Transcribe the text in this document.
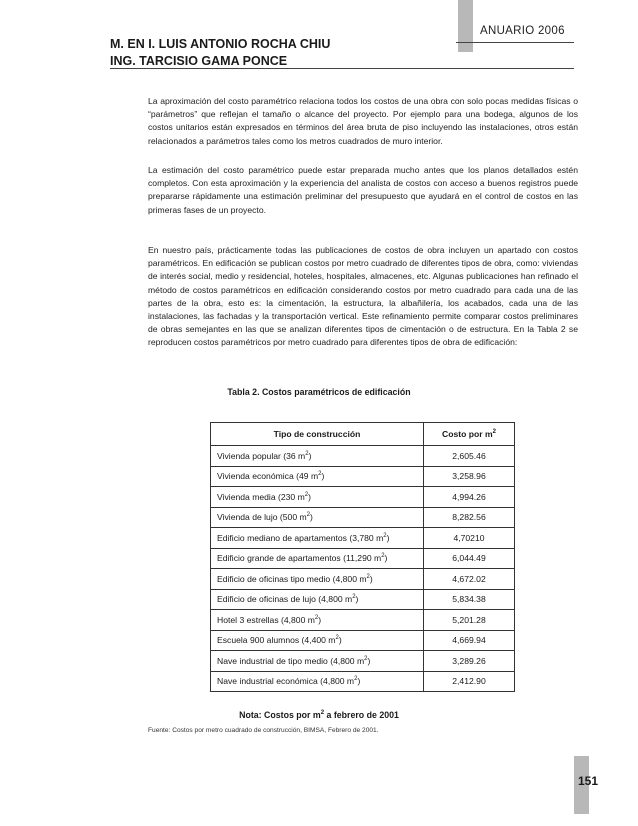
ANUARIO 2006
M. EN I. LUIS ANTONIO ROCHA CHIU
ING. TARCISIO GAMA PONCE

La aproximación del costo paramétrico relaciona todos los costos de una obra con solo pocas medidas físicas o “parámetros” que reflejan el tamaño o alcance del proyecto. Por ejemplo para una bodega, algunos de los costos unitarios están expresados en términos del área bruta de piso incluyendo las instalaciones, otros están relacionados a parámetros tales como los metros cuadrados de muro interior.

La estimación del costo paramétrico puede estar preparada mucho antes que los planos detallados estén completos. Con esta aproximación y la experiencia del analista de costos con acceso a buenos registros puede prepararse rápidamente una estimación preliminar del presupuesto que ayudará en el control de costos en las primeras fases de un proyecto.

En nuestro país, prácticamente todas las publicaciones de costos de obra incluyen un apartado con costos paramétricos. En edificación se publican costos por metro cuadrado de diferentes tipos de obra, como: viviendas de interés social, medio y residencial, hoteles, hospitales, almacenes, etc. Algunas publicaciones han refinado el método de costos paramétricos en edificación considerando costos por metro cuadrado para cada una de las partes de la obra, esto es: la cimentación, la estructura, la albañilería, los acabados, cada una de las instalaciones, las fachadas y la transportación vertical. Este refinamiento permite comparar costos preliminares de obras semejantes en las que se analizan diferentes tipos de cimentación o de estructura. En la Tabla 2 se reproducen costos paramétricos por metro cuadrado para diferentes tipos de obra de edificación:

Tabla 2. Costos paramétricos de edificación
Tipo de construcción	Costo por $m^2$
Vivienda popular (36 $m^2$)	2,605.46
Vivienda económica (49 $m^2$)	3,258.96
Vivienda media (230 $m^2$)	4,994.26
Vivienda de lujo (500 $m^2$)	8,282.56
Edificio mediano de apartamentos (3,780 $m^2$)	4,70210
Edificio grande de apartamentos (11,290 $m^2$)	6,044.49
Edificio de oficinas tipo medio (4,800 $m^2$)	4,672.02
Edificio de oficinas de lujo (4,800 $m^2$)	5,834.38
Hotel 3 estrellas (4,800 $m^2$)	5,201.28
Escuela 900 alumnos (4,400 $m^2$)	4,669.94
Nave industrial de tipo medio (4,800 $m^2$)	3,289.26
Nave industrial económica (4,800 $m^2$)	2,412.90
Nota: Costos por $m^2$ a febrero de 2001
Fuente: Costos por metro cuadrado de construcción, BIMSA, Febrero de 2001.
151
